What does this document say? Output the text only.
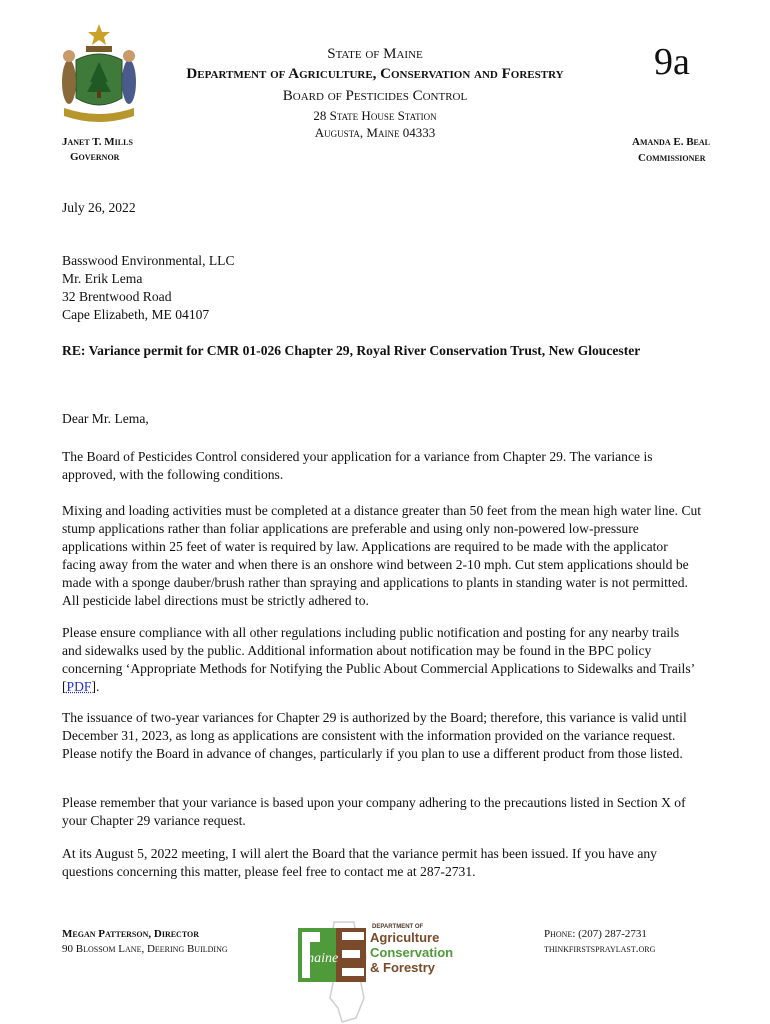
State of Maine
Department of Agriculture, Conservation and Forestry
Board of Pesticides Control
28 State House Station
Augusta, Maine 04333
9a
Janet T. Mills
Governor
Amanda E. Beal
Commissioner
July 26, 2022
Basswood Environmental, LLC
Mr. Erik Lema
32 Brentwood Road
Cape Elizabeth, ME 04107

RE: Variance permit for CMR 01-026 Chapter 29, Royal River Conservation Trust, New Gloucester

Dear Mr. Lema,

The Board of Pesticides Control considered your application for a variance from Chapter 29. The variance is approved, with the following conditions.

Mixing and loading activities must be completed at a distance greater than 50 feet from the mean high water line. Cut stump applications rather than foliar applications are preferable and using only non-powered low-pressure applications within 25 feet of water is required by law. Applications are required to be made with the applicator facing away from the water and when there is an onshore wind between 2-10 mph. Cut stem applications should be made with a sponge dauber/brush rather than spraying and applications to plants in standing water is not permitted. All pesticide label directions must be strictly adhered to.

Please ensure compliance with all other regulations including public notification and posting for any nearby trails and sidewalks used by the public. Additional information about notification may be found in the BPC policy concerning ‘Appropriate Methods for Notifying the Public About Commercial Applications to Sidewalks and Trails’ [PDF].

The issuance of two-year variances for Chapter 29 is authorized by the Board; therefore, this variance is valid until December 31, 2023, as long as applications are consistent with the information provided on the variance request. Please notify the Board in advance of changes, particularly if you plan to use a different product from those listed.

Please remember that your variance is based upon your company adhering to the precautions listed in Section X of your Chapter 29 variance request.

At its August 5, 2022 meeting, I will alert the Board that the variance permit has been issued. If you have any questions concerning this matter, please feel free to contact me at 287-2731.

Megan Patterson, Director
90 Blossom Lane, Deering Building
Phone: (207) 287-2731
thinkfirstspraylast.org
maine
DEPARTMENT OF
Agriculture
Conservation
& Forestry
